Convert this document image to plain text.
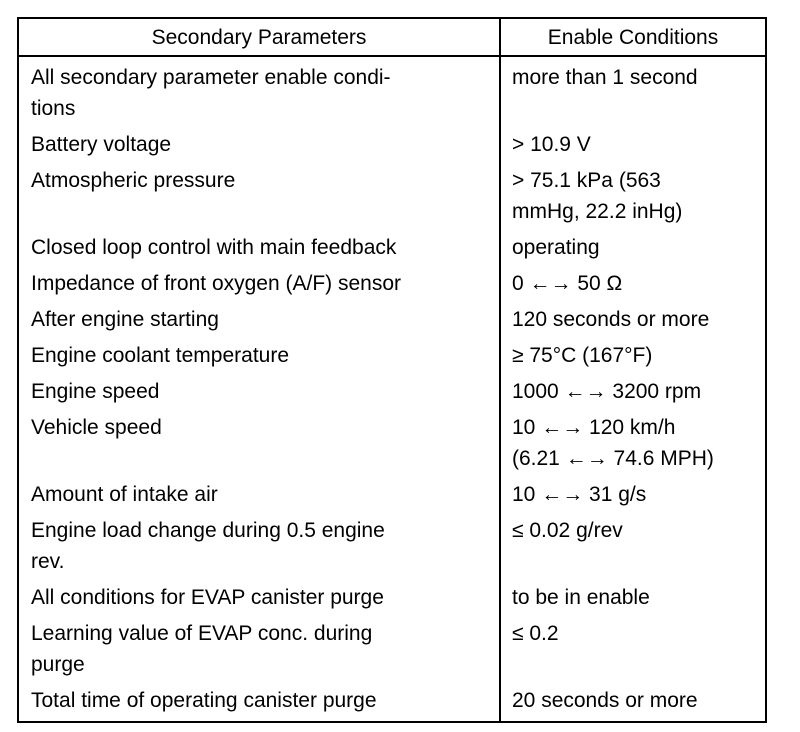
Secondary Parameters	Enable Conditions
All secondary parameter enable condi-
tions	more than 1 second
Battery voltage	> 10.9 V
Atmospheric pressure	> 75.1 kPa (563
mmHg, 22.2 inHg)
Closed loop control with main feedback	operating
Impedance of front oxygen (A/F) sensor	0 ←→ 50 Ω
After engine starting	120 seconds or more
Engine coolant temperature	≥ 75°C (167°F)
Engine speed	1000 ←→ 3200 rpm
Vehicle speed	10 ←→ 120 km/h
(6.21 ←→ 74.6 MPH)
Amount of intake air	10 ←→ 31 g/s
Engine load change during 0.5 engine
rev.	≤ 0.02 g/rev
All conditions for EVAP canister purge	to be in enable
Learning value of EVAP conc. during
purge	≤ 0.2
Total time of operating canister purge	20 seconds or more
